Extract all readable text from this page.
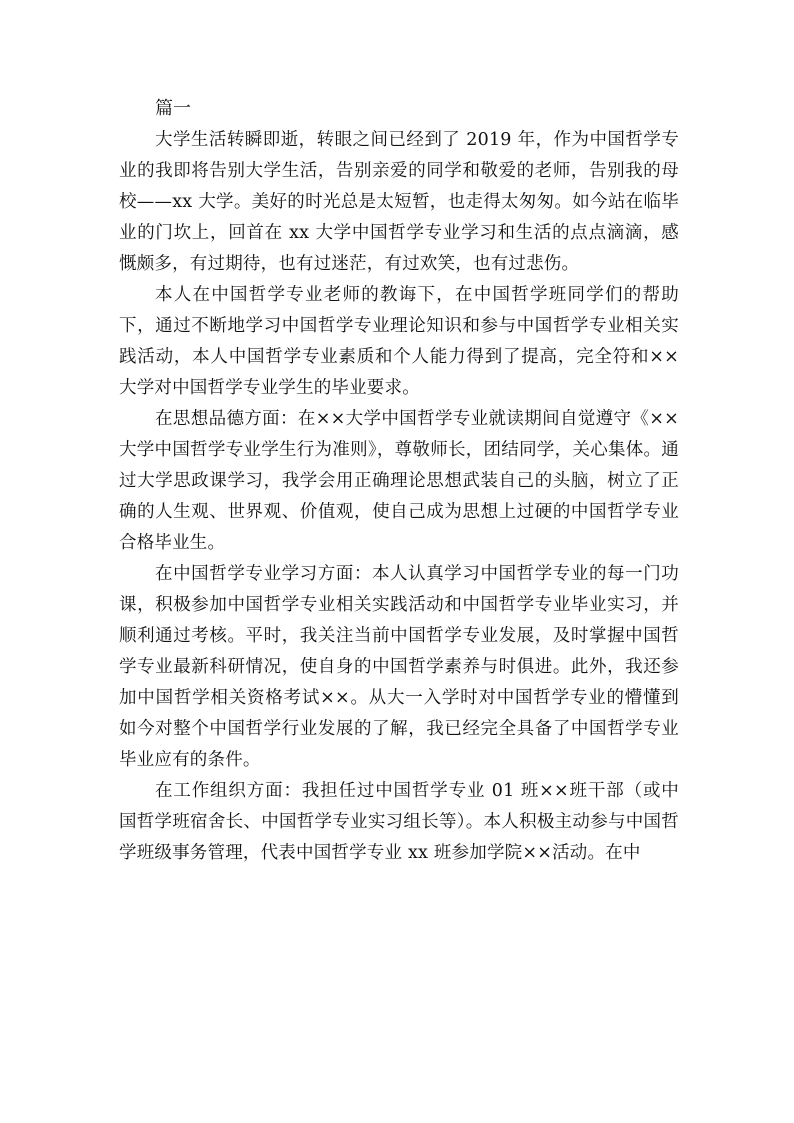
篇一

大学生活转瞬即逝，转眼之间已经到了 2019 年，作为中国哲学专业的我即将告别大学生活，告别亲爱的同学和敬爱的老师，告别我的母校——xx 大学。美好的时光总是太短暂，也走得太匆匆。如今站在临毕业的门坎上，回首在 xx 大学中国哲学专业学习和生活的点点滴滴，感慨颇多，有过期待，也有过迷茫，有过欢笑，也有过悲伤。

本人在中国哲学专业老师的教诲下，在中国哲学班同学们的帮助下，通过不断地学习中国哲学专业理论知识和参与中国哲学专业相关实践活动，本人中国哲学专业素质和个人能力得到了提高，完全符和××大学对中国哲学专业学生的毕业要求。

在思想品德方面：在××大学中国哲学专业就读期间自觉遵守《××大学中国哲学专业学生行为准则》，尊敬师长，团结同学，关心集体。通过大学思政课学习，我学会用正确理论思想武装自己的头脑，树立了正确的人生观、世界观、价值观，使自己成为思想上过硬的中国哲学专业合格毕业生。

在中国哲学专业学习方面：本人认真学习中国哲学专业的每一门功课，积极参加中国哲学专业相关实践活动和中国哲学专业毕业实习，并顺利通过考核。平时，我关注当前中国哲学专业发展，及时掌握中国哲学专业最新科研情况，使自身的中国哲学素养与时俱进。此外，我还参加中国哲学相关资格考试××。从大一入学时对中国哲学专业的懵懂到如今对整个中国哲学行业发展的了解，我已经完全具备了中国哲学专业毕业应有的条件。

在工作组织方面：我担任过中国哲学专业 01 班××班干部（或中国哲学班宿舍长、中国哲学专业实习组长等）。本人积极主动参与中国哲学班级事务管理，代表中国哲学专业 xx 班参加学院××活动。在中
